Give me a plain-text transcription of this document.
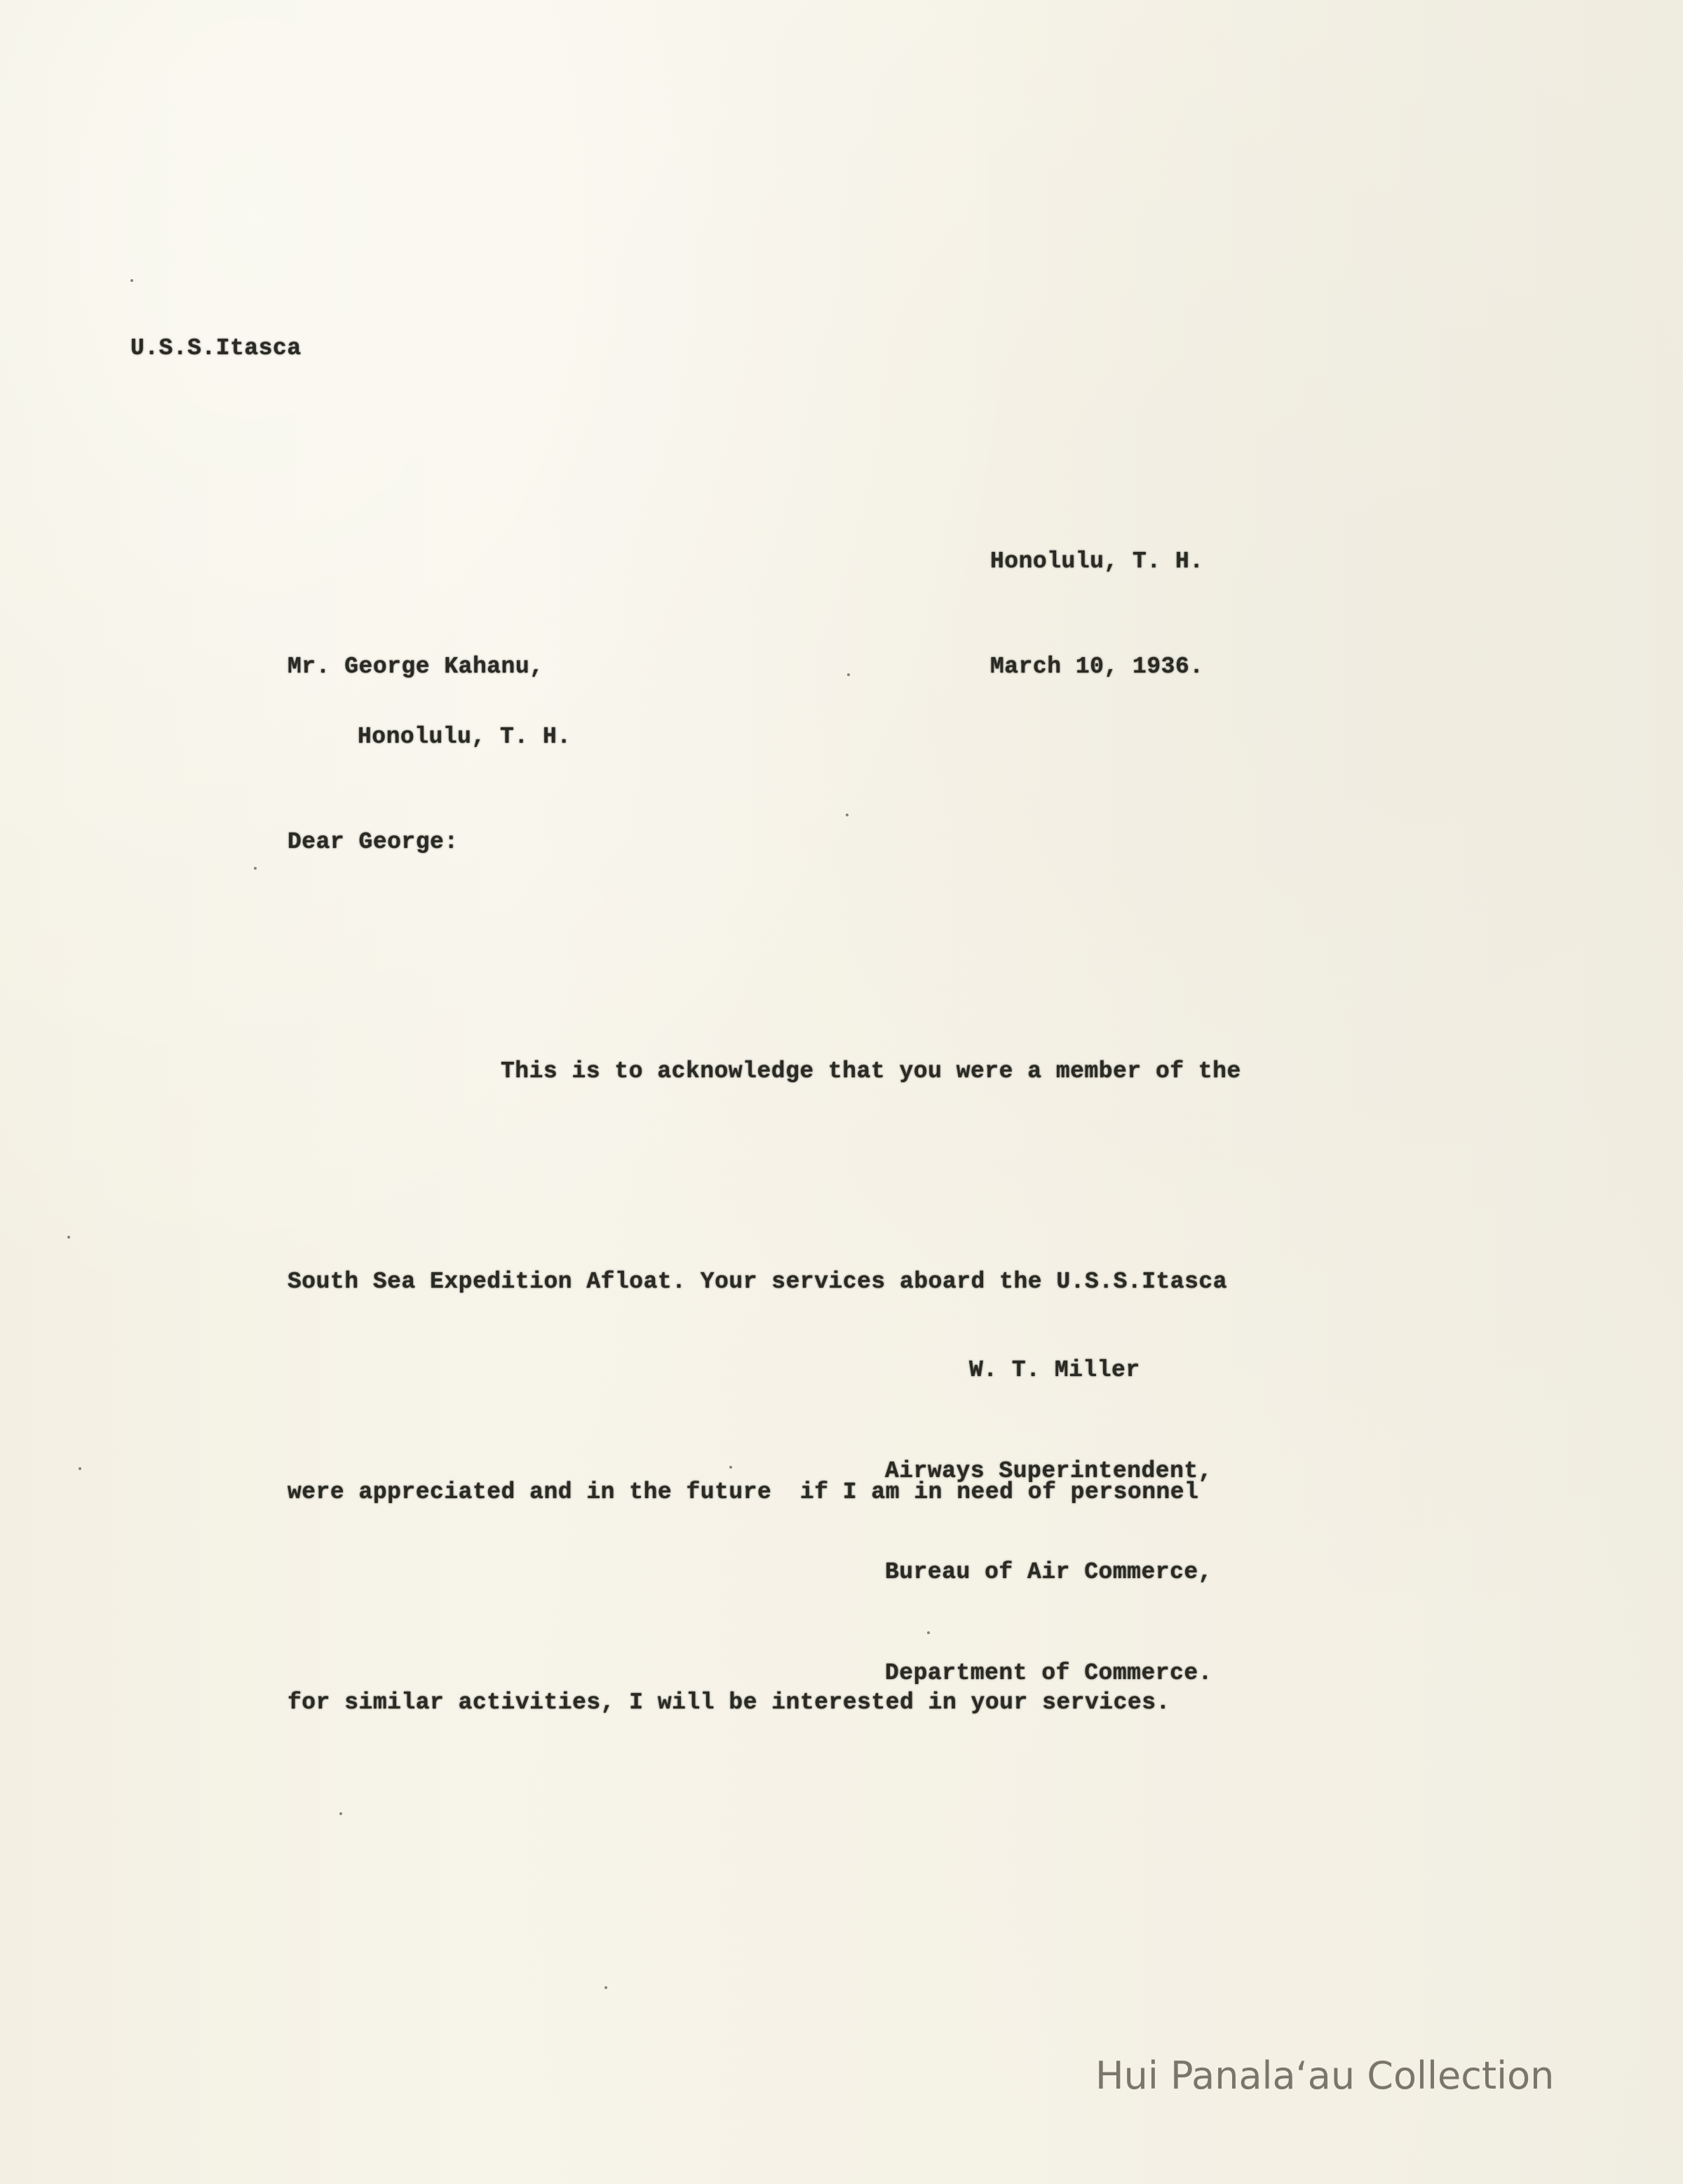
U.S.S.Itasca

Honolulu, T. H.

March 10, 1936.

Mr. George Kahanu,
Honolulu, T. H.
Dear George:

This is to acknowledge that you were a member of the

South Sea Expedition Afloat. Your services aboard the U.S.S.Itasca

were appreciated and in the future  if I am in need of personnel

for similar activities, I will be interested in your services.

W. T. Miller

Airways Superintendent,

Bureau of Air Commerce,

Department of Commerce.

Hui Panala‘au Collection
